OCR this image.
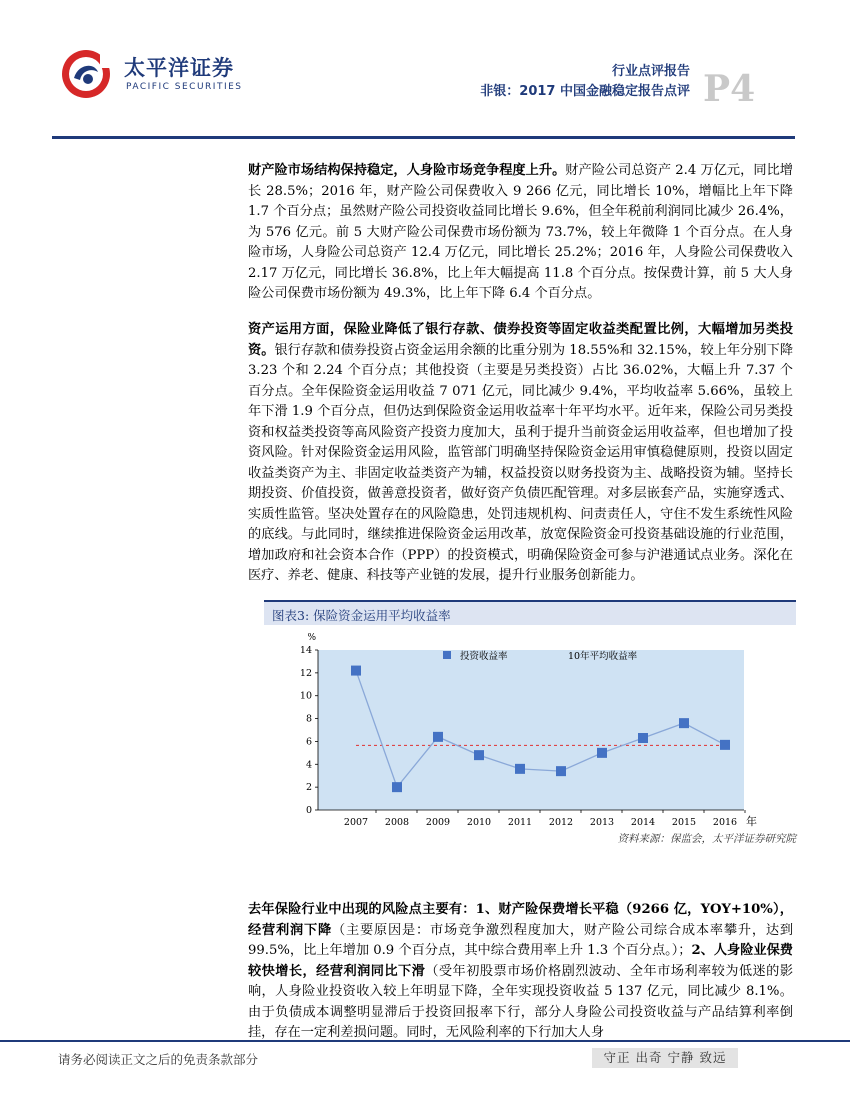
太平洋证券
PACIFIC SECURITIES
行业点评报告
非银：2017 中国金融稳定报告点评 P4

财产险市场结构保持稳定，人身险市场竞争程度上升。财产险公司总资产 2.4 万亿元，同比增长 28.5%；2016 年，财产险公司保费收入 9 266 亿元，同比增长 10%，增幅比上年下降 1.7 个百分点；虽然财产险公司投资收益同比增长 9.6%，但全年税前利润同比减少 26.4%，为 576 亿元。前 5 大财产险公司保费市场份额为 73.7%，较上年微降 1 个百分点。在人身险市场，人身险公司总资产 12.4 万亿元，同比增长 25.2%；2016 年，人身险公司保费收入 2.17 万亿元，同比增长 36.8%，比上年大幅提高 11.8 个百分点。按保费计算，前 5 大人身险公司保费市场份额为 49.3%，比上年下降 6.4 个百分点。

资产运用方面，保险业降低了银行存款、债券投资等固定收益类配置比例，大幅增加另类投资。银行存款和债券投资占资金运用余额的比重分别为 18.55%和 32.15%，较上年分别下降 3.23 个和 2.24 个百分点；其他投资（主要是另类投资）占比 36.02%，大幅上升 7.37 个百分点。全年保险资金运用收益 7 071 亿元，同比减少 9.4%，平均收益率 5.66%，虽较上年下滑 1.9 个百分点，但仍达到保险资金运用收益率十年平均水平。近年来，保险公司另类投资和权益类投资等高风险资产投资力度加大，虽利于提升当前资金运用收益率，但也增加了投资风险。针对保险资金运用风险，监管部门明确坚持保险资金运用审慎稳健原则，投资以固定收益类资产为主、非固定收益类资产为辅，权益投资以财务投资为主、战略投资为辅。坚持长期投资、价值投资，做善意投资者，做好资产负债匹配管理。对多层嵌套产品，实施穿透式、实质性监管。坚决处置存在的风险隐患，处罚违规机构、问责责任人，守住不发生系统性风险的底线。与此同时，继续推进保险资金运用改革，放宽保险资金可投资基础设施的行业范围，增加政府和社会资本合作（PPP）的投资模式，明确保险资金可参与沪港通试点业务。深化在医疗、养老、健康、科技等产业链的发展，提升行业服务创新能力。

图表3: 保险资金运用平均收益率
%
0
2
4
6
8
10
12
14
2007 2008 2009 2010 2011 2012 2013 2014 2015 2016 年
投资收益率	10年平均收益率
资料来源：保监会，太平洋证券研究院

去年保险行业中出现的风险点主要有：1、财产险保费增长平稳（9266 亿，YOY+10%），经营利润下降（主要原因是：市场竞争激烈程度加大，财产险公司综合成本率攀升，达到 99.5%，比上年增加 0.9 个百分点，其中综合费用率上升 1.3 个百分点。）；2、人身险业保费较快增长，经营利润同比下滑（受年初股票市场价格剧烈波动、全年市场利率较为低迷的影响，人身险业投资收入较上年明显下降，全年实现投资收益 5 137 亿元，同比减少 8.1%。由于负债成本调整明显滞后于投资回报率下行，部分人身险公司投资收益与产品结算利率倒挂，存在一定利差损问题。同时，无风险利率的下行加大人身

请务必阅读正文之后的免责条款部分	守正 出奇 宁静 致远
